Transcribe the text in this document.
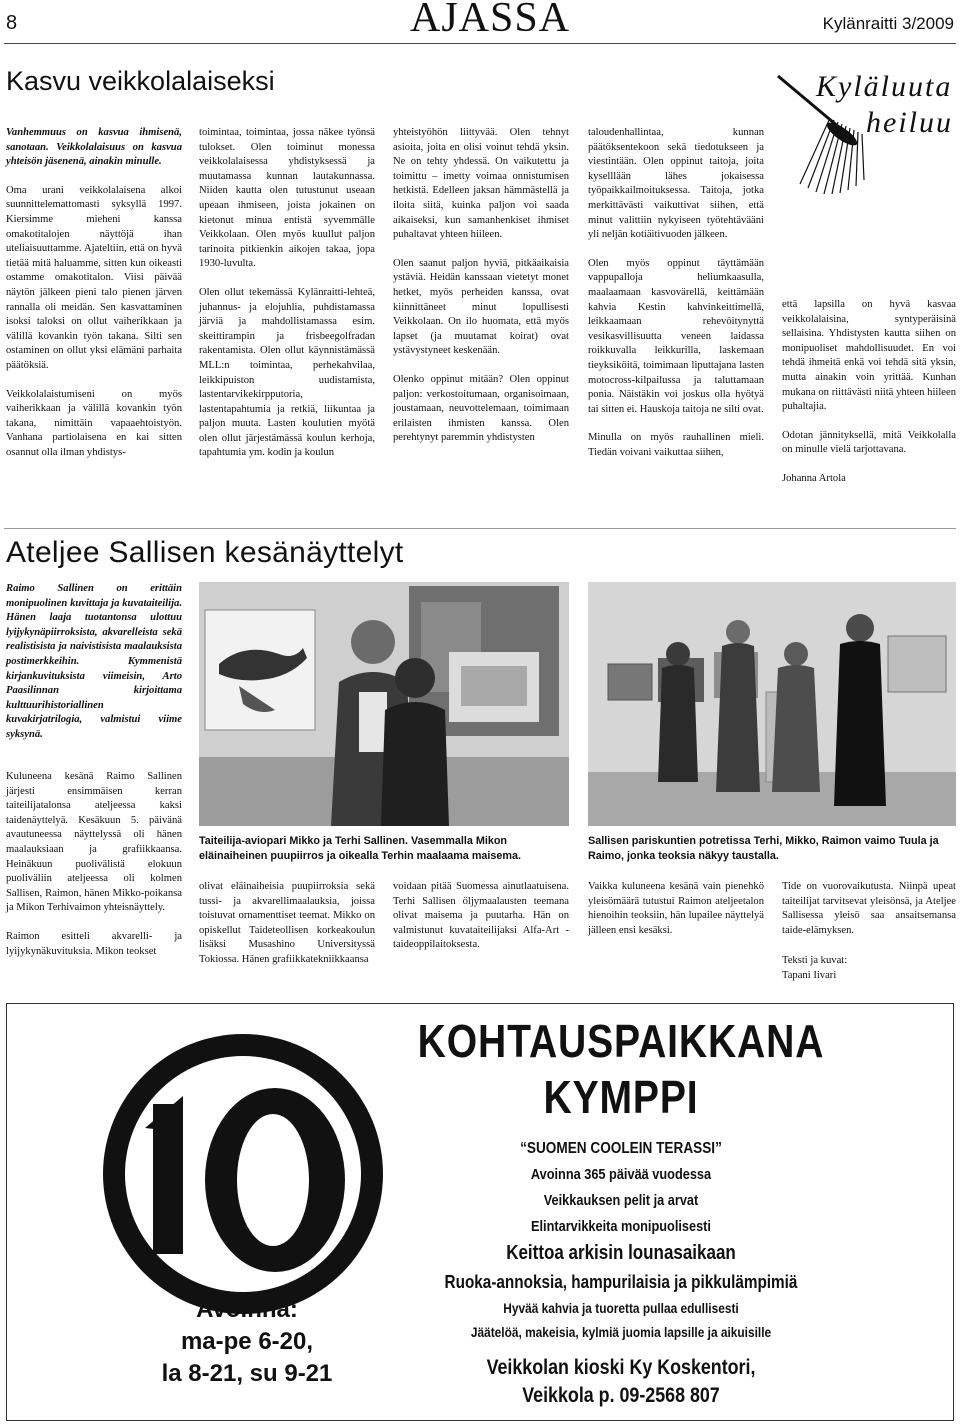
8	AJASSA	Kylänraitti 3/2009
Kasvu veikkolalaiseksi

Vanhemmuus on kasvua ihmisenä, sanotaan. Veikkolalaisuus on kasvua yhteisön jäsenenä, ainakin minulle.

Oma urani veikkolalaisena alkoi suunnittelemattomasti syksyllä 1997. Kiersimme mieheni kanssa omakotitalojen näyttöjä ihan uteliaisuuttamme. Ajateltiin, että on hyvä tietää mitä haluamme, sitten kun oikeasti ostamme omakotitalon. Viisi päivää näytön jälkeen pieni talo pienen järven rannalla oli meidän. Sen kasvattaminen isoksi taloksi on ollut vaiherikkaan ja välillä kovankin työn takana. Silti sen ostaminen on ollut yksi elämäni parhaita päätöksiä.

Veikkolalaistumiseni on myös vaiherikkaan ja välillä kovankin työn takana, nimittäin vapaaehtoistyön. Vanhana partiolaisena en kai sitten osannut olla ilman yhdistys-

toimintaa, toimintaa, jossa näkee työnsä tulokset. Olen toiminut monessa veikkolalaisessa yhdistyksessä ja muutamassa kunnan lautakunnassa. Niiden kautta olen tutustunut useaan upeaan ihmiseen, joista jokainen on kietonut minua entistä syvemmälle Veikkolaan. Olen myös kuullut paljon tarinoita pitkienkin aikojen takaa, jopa 1930-luvulta.

Olen ollut tekemässä Kylänraitti-lehteä, juhannus- ja elojuhlia, puhdistamassa järviä ja mahdollistamassa esim. skeittirampin ja frisbeegolfradan rakentamista. Olen ollut käynnistämässä MLL:n toimintaa, perhekahvilaa, leikkipuiston uudistamista, lastentarvikekirpputoria, lastentapahtumia ja retkiä, liikuntaa ja paljon muuta. Lasten koulutien myötä olen ollut järjestämässä koulun kerhoja, tapahtumia ym. kodin ja koulun

yhteistyöhön liittyvää. Olen tehnyt asioita, joita en olisi voinut tehdä yksin. Ne on tehty yhdessä. On vaikutettu ja toimittu – imetty voimaa onnistumisen hetkistä. Edelleen jaksan hämmästellä ja iloita siitä, kuinka paljon voi saada aikaiseksi, kun samanhenkiset ihmiset puhaltavat yhteen hiileen.

Olen saanut paljon hyviä, pitkäaikaisia ystäviä. Heidän kanssaan vietetyt monet hetket, myös perheiden kanssa, ovat kiinnittäneet minut lopullisesti Veikkolaan. On ilo huomata, että myös lapset (ja muutamat koirat) ovat ystävystyneet keskenään.

Olenko oppinut mitään? Olen oppinut paljon: verkostoitumaan, organisoimaan, joustamaan, neuvottelemaan, toimimaan erilaisten ihmisten kanssa. Olen perehtynyt paremmin yhdistysten

taloudenhallintaa, kunnan päätöksentekoon sekä tiedotukseen ja viestintään. Olen oppinut taitoja, joita kyselllään lähes jokaisessa työpaikkailmoituksessa. Taitoja, jotka merkittävästi vaikuttivat siihen, että minut valittiin nykyiseen työtehtävääni yli neljän kotiäitivuoden jälkeen.

Olen myös oppinut täyttämään vappupalloja heliumkaasulla, maalaamaan kasvovärellä, keittämään kahvia Kestin kahvinkeittimellä, leikkaamaan rehevöitynyttä vesikasvillisuutta veneen laidassa roikkuvalla leikkurilla, laskemaan tieyksiköitä, toimimaan liputtajana lasten motocross-kilpailussa ja taluttamaan ponia. Näistäkin voi joskus olla hyötyä tai sitten ei. Hauskoja taitoja ne silti ovat.

Minulla on myös rauhallinen mieli. Tiedän voivani vaikuttaa siihen,

Kyläluuta
heiluu

että lapsilla on hyvä kasvaa veikkolalaisina, syntyperäisinä sellaisina. Yhdistysten kautta siihen on monipuoliset mahdollisuudet. En voi tehdä ihmeitä enkä voi tehdä sitä yksin, mutta ainakin voin yrittää. Kunhan mukana on riittävästi niitä yhteen hiileen puhaltajia.

Odotan jännityksellä, mitä Veikkolalla on minulle vielä tarjottavana.

Johanna Artola

Ateljee Sallisen kesänäyttelyt

Raimo Sallinen on erittäin monipuolinen kuvittaja ja kuvataiteilija. Hänen laaja tuotantonsa ulottuu lyijykynäpiirroksista, akvarelleista sekä realistisista ja naivistisista maalauksista postimerkkeihin. Kymmenistä kirjankuvituksista viimeisin, Arto Paasilinnan kirjoittama kulttuurihistoriallinen kuvakirjatrilogia, valmistui viime syksynä.

Kuluneena kesänä Raimo Sallinen järjesti ensimmäisen kerran taiteilijatalonsa ateljeessa kaksi taidenäyttelyä. Kesäkuun 5. päivänä avautuneessa näyttelyssä oli hänen maalauksiaan ja grafiikkaansa. Heinäkuun puolivälistä elokuun puoliväliin ateljeessa oli kolmen Sallisen, Raimon, hänen Mikko-poikansa ja Mikon Terhivaimon yhteisnäyttely.

Raimon esitteli akvarelli- ja lyijykynäkuvituksia. Mikon teokset

Taiteilija-aviopari Mikko ja Terhi Sallinen. Vasemmalla Mikon eläinaiheinen puupiirros ja oikealla Terhin maalaama maisema.
Sallisen pariskuntien potretissa Terhi, Mikko, Raimon vaimo Tuula ja Raimo, jonka teoksia näkyy taustalla.

olivat eläinaiheisia puupiirroksia sekä tussi- ja akvarellimaalauksia, joissa toistuvat ornamenttiset teemat. Mikko on opiskellut Taideteollisen korkeakoulun lisäksi Musashino Universityssä Tokiossa. Hänen grafiikkatekniikkaansa

voidaan pitää Suomessa ainutlaatuisena. Terhi Sallisen öljymaalausten teemana olivat maisema ja puutarha. Hän on valmistunut kuvataiteilijaksi Alfa-Art -taideoppilaitoksesta.

Vaikka kuluneena kesänä vain pienehkö yleisömäärä tutustui Raimon ateljeetalon hienoihin teoksiin, hän lupailee näyttelyä jälleen ensi kesäksi.

Tide on vuorovaikutusta. Niinpä upeat taiteilijat tarvitsevat yleisönsä, ja Ateljee Sallisessa yleisö saa ansaitsemansa taide-elämyksen.

Teksti ja kuvat:

Tapani Iivari

Avoinna:
ma-pe 6-20,
la 8-21, su 9-21
KOHTAUSPAIKKANA
KYMPPI
“SUOMEN COOLEIN TERASSI”
Avoinna 365 päivää vuodessa
Veikkauksen pelit ja arvat
Elintarvikkeita monipuolisesti
Keittoa arkisin lounasaikaan
Ruoka-annoksia, hampurilaisia ja pikkulämpimiä
Hyvää kahvia ja tuoretta pullaa edullisesti
Jäätelöä, makeisia, kylmiä juomia lapsille ja aikuisille
Veikkolan kioski Ky Koskentori,
Veikkola p. 09-2568 807
